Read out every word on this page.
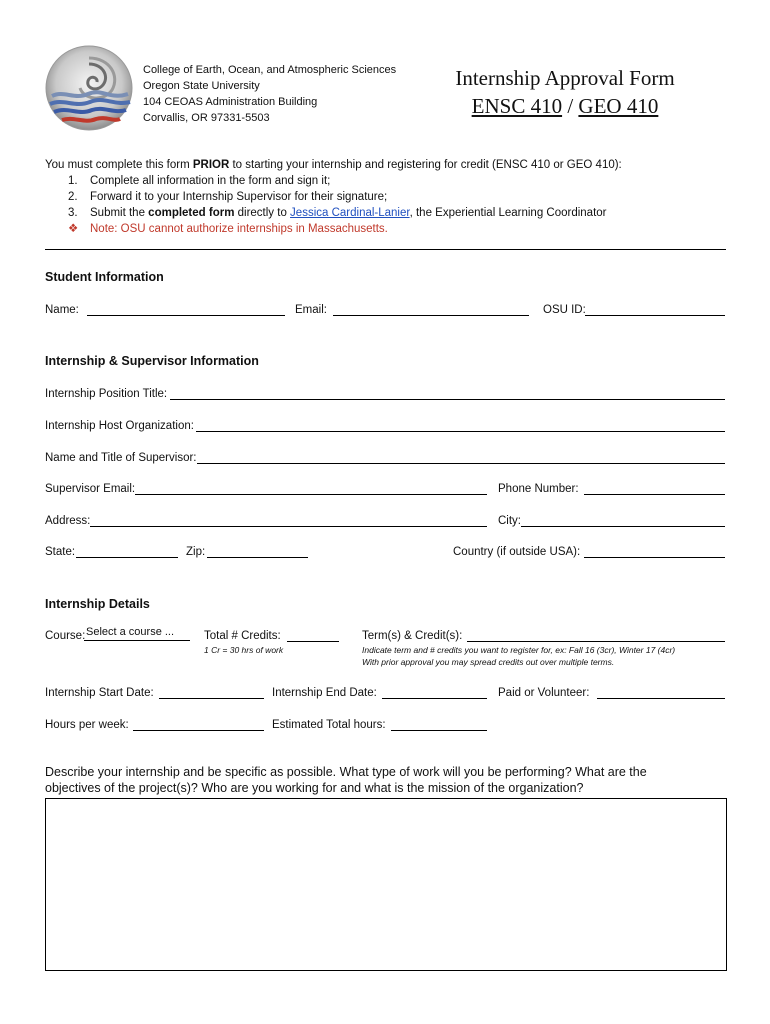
College of Earth, Ocean, and Atmospheric Sciences
Oregon State University
104 CEOAS Administration Building
Corvallis, OR 97331-5503
Internship Approval Form
ENSC 410 / GEO 410
You must complete this form PRIOR to starting your internship and registering for credit (ENSC 410 or GEO 410):
1. Complete all information in the form and sign it;
2. Forward it to your Internship Supervisor for their signature;
3. Submit the completed form directly to Jessica Cardinal-Lanier, the Experiential Learning Coordinator
❖ Note: OSU cannot authorize internships in Massachusetts.
Student Information
Name:	Email:	OSU ID:
Internship & Supervisor Information
Internship Position Title:
Internship Host Organization:
Name and Title of Supervisor:
Supervisor Email:	Phone Number:
Address:	City:
State:	Zip:	Country (if outside USA):
Internship Details
Course: Select a course ...	Total # Credits:
1 Cr = 30 hrs of work
Term(s) & Credit(s):
Indicate term and # credits you want to register for, ex: Fall 16 (3cr), Winter 17 (4cr)
With prior approval you may spread credits out over multiple terms.
Internship Start Date:	Internship End Date:	Paid or Volunteer:
Hours per week:	Estimated Total hours:
Describe your internship and be specific as possible. What type of work will you be performing? What are the
objectives of the project(s)? Who are you working for and what is the mission of the organization?
